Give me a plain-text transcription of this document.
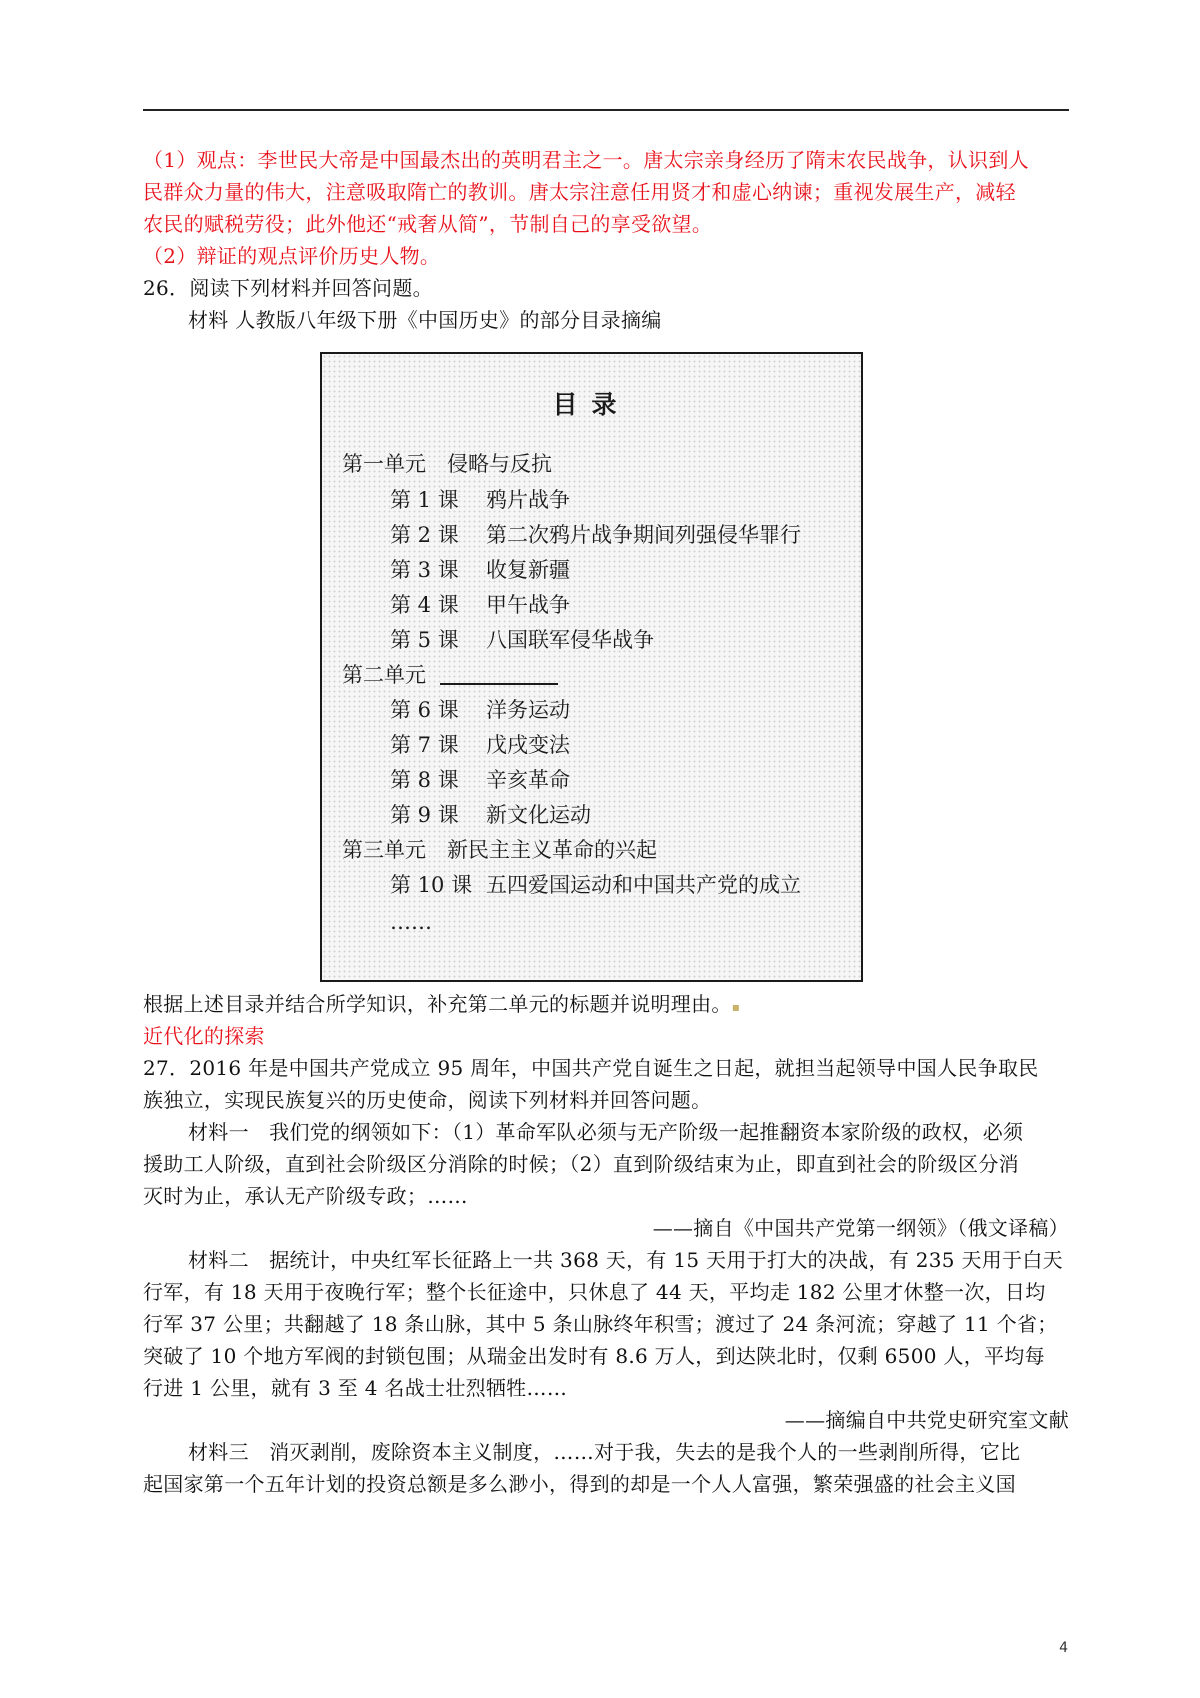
（1）观点：李世民大帝是中国最杰出的英明君主之一。唐太宗亲身经历了隋末农民战争，认识到人
民群众力量的伟大，注意吸取隋亡的教训。唐太宗注意任用贤才和虚心纳谏；重视发展生产，减轻
农民的赋税劳役；此外他还“戒奢从简”，节制自己的享受欲望。
（2）辩证的观点评价历史人物。
26．阅读下列材料并回答问题。
材料 人教版八年级下册《中国历史》的部分目录摘编
目录
第一单元　侵略与反抗
第 1 课 鸦片战争
第 2 课 第二次鸦片战争期间列强侵华罪行
第 3 课 收复新疆
第 4 课 甲午战争
第 5 课 八国联军侵华战争
第二单元
第 6 课 洋务运动
第 7 课 戊戌变法
第 8 课 辛亥革命
第 9 课 新文化运动
第三单元　新民主主义革命的兴起
第 10 课 五四爱国运动和中国共产党的成立
……
根据上述目录并结合所学知识，补充第二单元的标题并说明理由。▪
近代化的探索
27．2016 年是中国共产党成立 95 周年，中国共产党自诞生之日起，就担当起领导中国人民争取民
族独立，实现民族复兴的历史使命，阅读下列材料并回答问题。
材料一　我们党的纲领如下：（1）革命军队必须与无产阶级一起推翻资本家阶级的政权，必须
援助工人阶级，直到社会阶级区分消除的时候；（2）直到阶级结束为止，即直到社会的阶级区分消
灭时为止，承认无产阶级专政；……
——摘自《中国共产党第一纲领》（俄文译稿）
材料二　据统计，中央红军长征路上一共 368 天，有 15 天用于打大的决战，有 235 天用于白天
行军，有 18 天用于夜晚行军；整个长征途中，只休息了 44 天，平均走 182 公里才休整一次，日均
行军 37 公里；共翻越了 18 条山脉，其中 5 条山脉终年积雪；渡过了 24 条河流；穿越了 11 个省；
突破了 10 个地方军阀的封锁包围；从瑞金出发时有 8.6 万人，到达陕北时，仅剩 6500 人，平均每
行进 1 公里，就有 3 至 4 名战士壮烈牺牲……
——摘编自中共党史研究室文献
材料三　消灭剥削，废除资本主义制度，……对于我，失去的是我个人的一些剥削所得，它比
起国家第一个五年计划的投资总额是多么渺小，得到的却是一个人人富强，繁荣强盛的社会主义国
4
